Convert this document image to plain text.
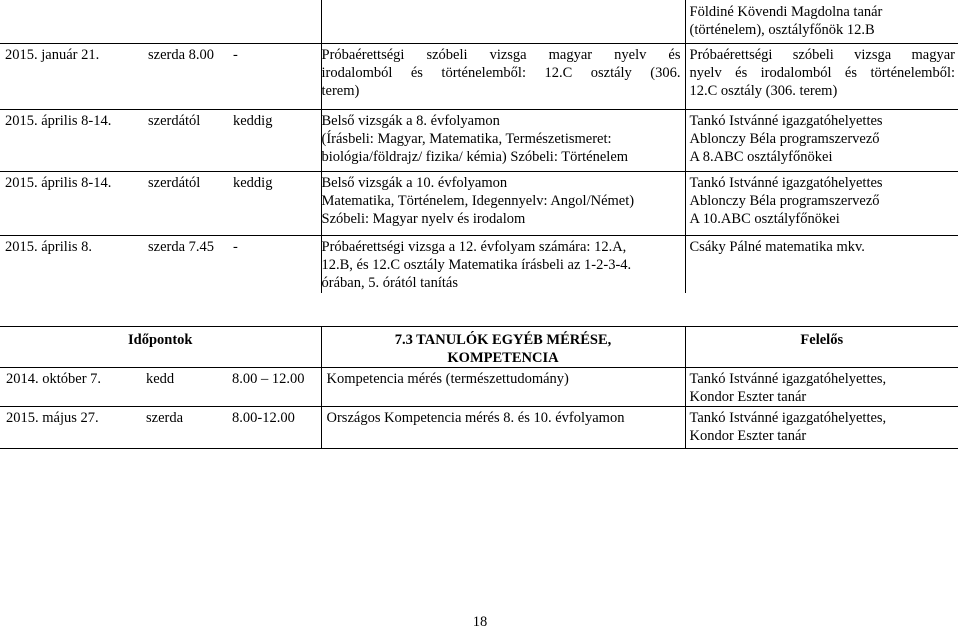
		Földiné Kövendi Magdolna tanár
(történelem), osztályfőnök 12.B

2015. január 21. szerda 8.00 -	Próbaérettségi szóbeli vizsga magyar nyelv és
irodalomból és történelemből: 12.C osztály (306.
terem)	Próbaérettségi szóbeli vizsga magyar
nyelv és irodalomból és történelemből:
12.C osztály (306. terem)

2015. április 8-14. szerdától keddig	Belső vizsgák a 8. évfolyamon
(Írásbeli: Magyar, Matematika, Természetismeret:
biológia/földrajz/ fizika/ kémia) Szóbeli: Történelem	Tankó Istvánné igazgatóhelyettes
Ablonczy Béla programszervező
A 8.ABC osztályfőnökei

2015. április 8-14. szerdától keddig	Belső vizsgák a 10. évfolyamon
Matematika, Történelem, Idegennyelv: Angol/Német)
Szóbeli: Magyar nyelv és irodalom	Tankó Istvánné igazgatóhelyettes
Ablonczy Béla programszervező
A 10.ABC osztályfőnökei

2015. április 8. szerda 7.45 -	Próbaérettségi vizsga a 12. évfolyam számára: 12.A,
12.B, és 12.C osztály Matematika írásbeli az 1-2-3-4.
órában, 5. órától tanítás	Csáky Pálné matematika mkv.
Időpontok	7.3 TANULÓK EGYÉB MÉRÉSE,
KOMPETENCIA	Felelős

2014. október 7. kedd 8.00 – 12.00	Kompetencia mérés (természettudomány)	Tankó Istvánné igazgatóhelyettes,
Kondor Eszter tanár

2015. május 27. szerda 8.00-12.00	Országos Kompetencia mérés 8. és 10. évfolyamon	Tankó Istvánné igazgatóhelyettes,
Kondor Eszter tanár
18
